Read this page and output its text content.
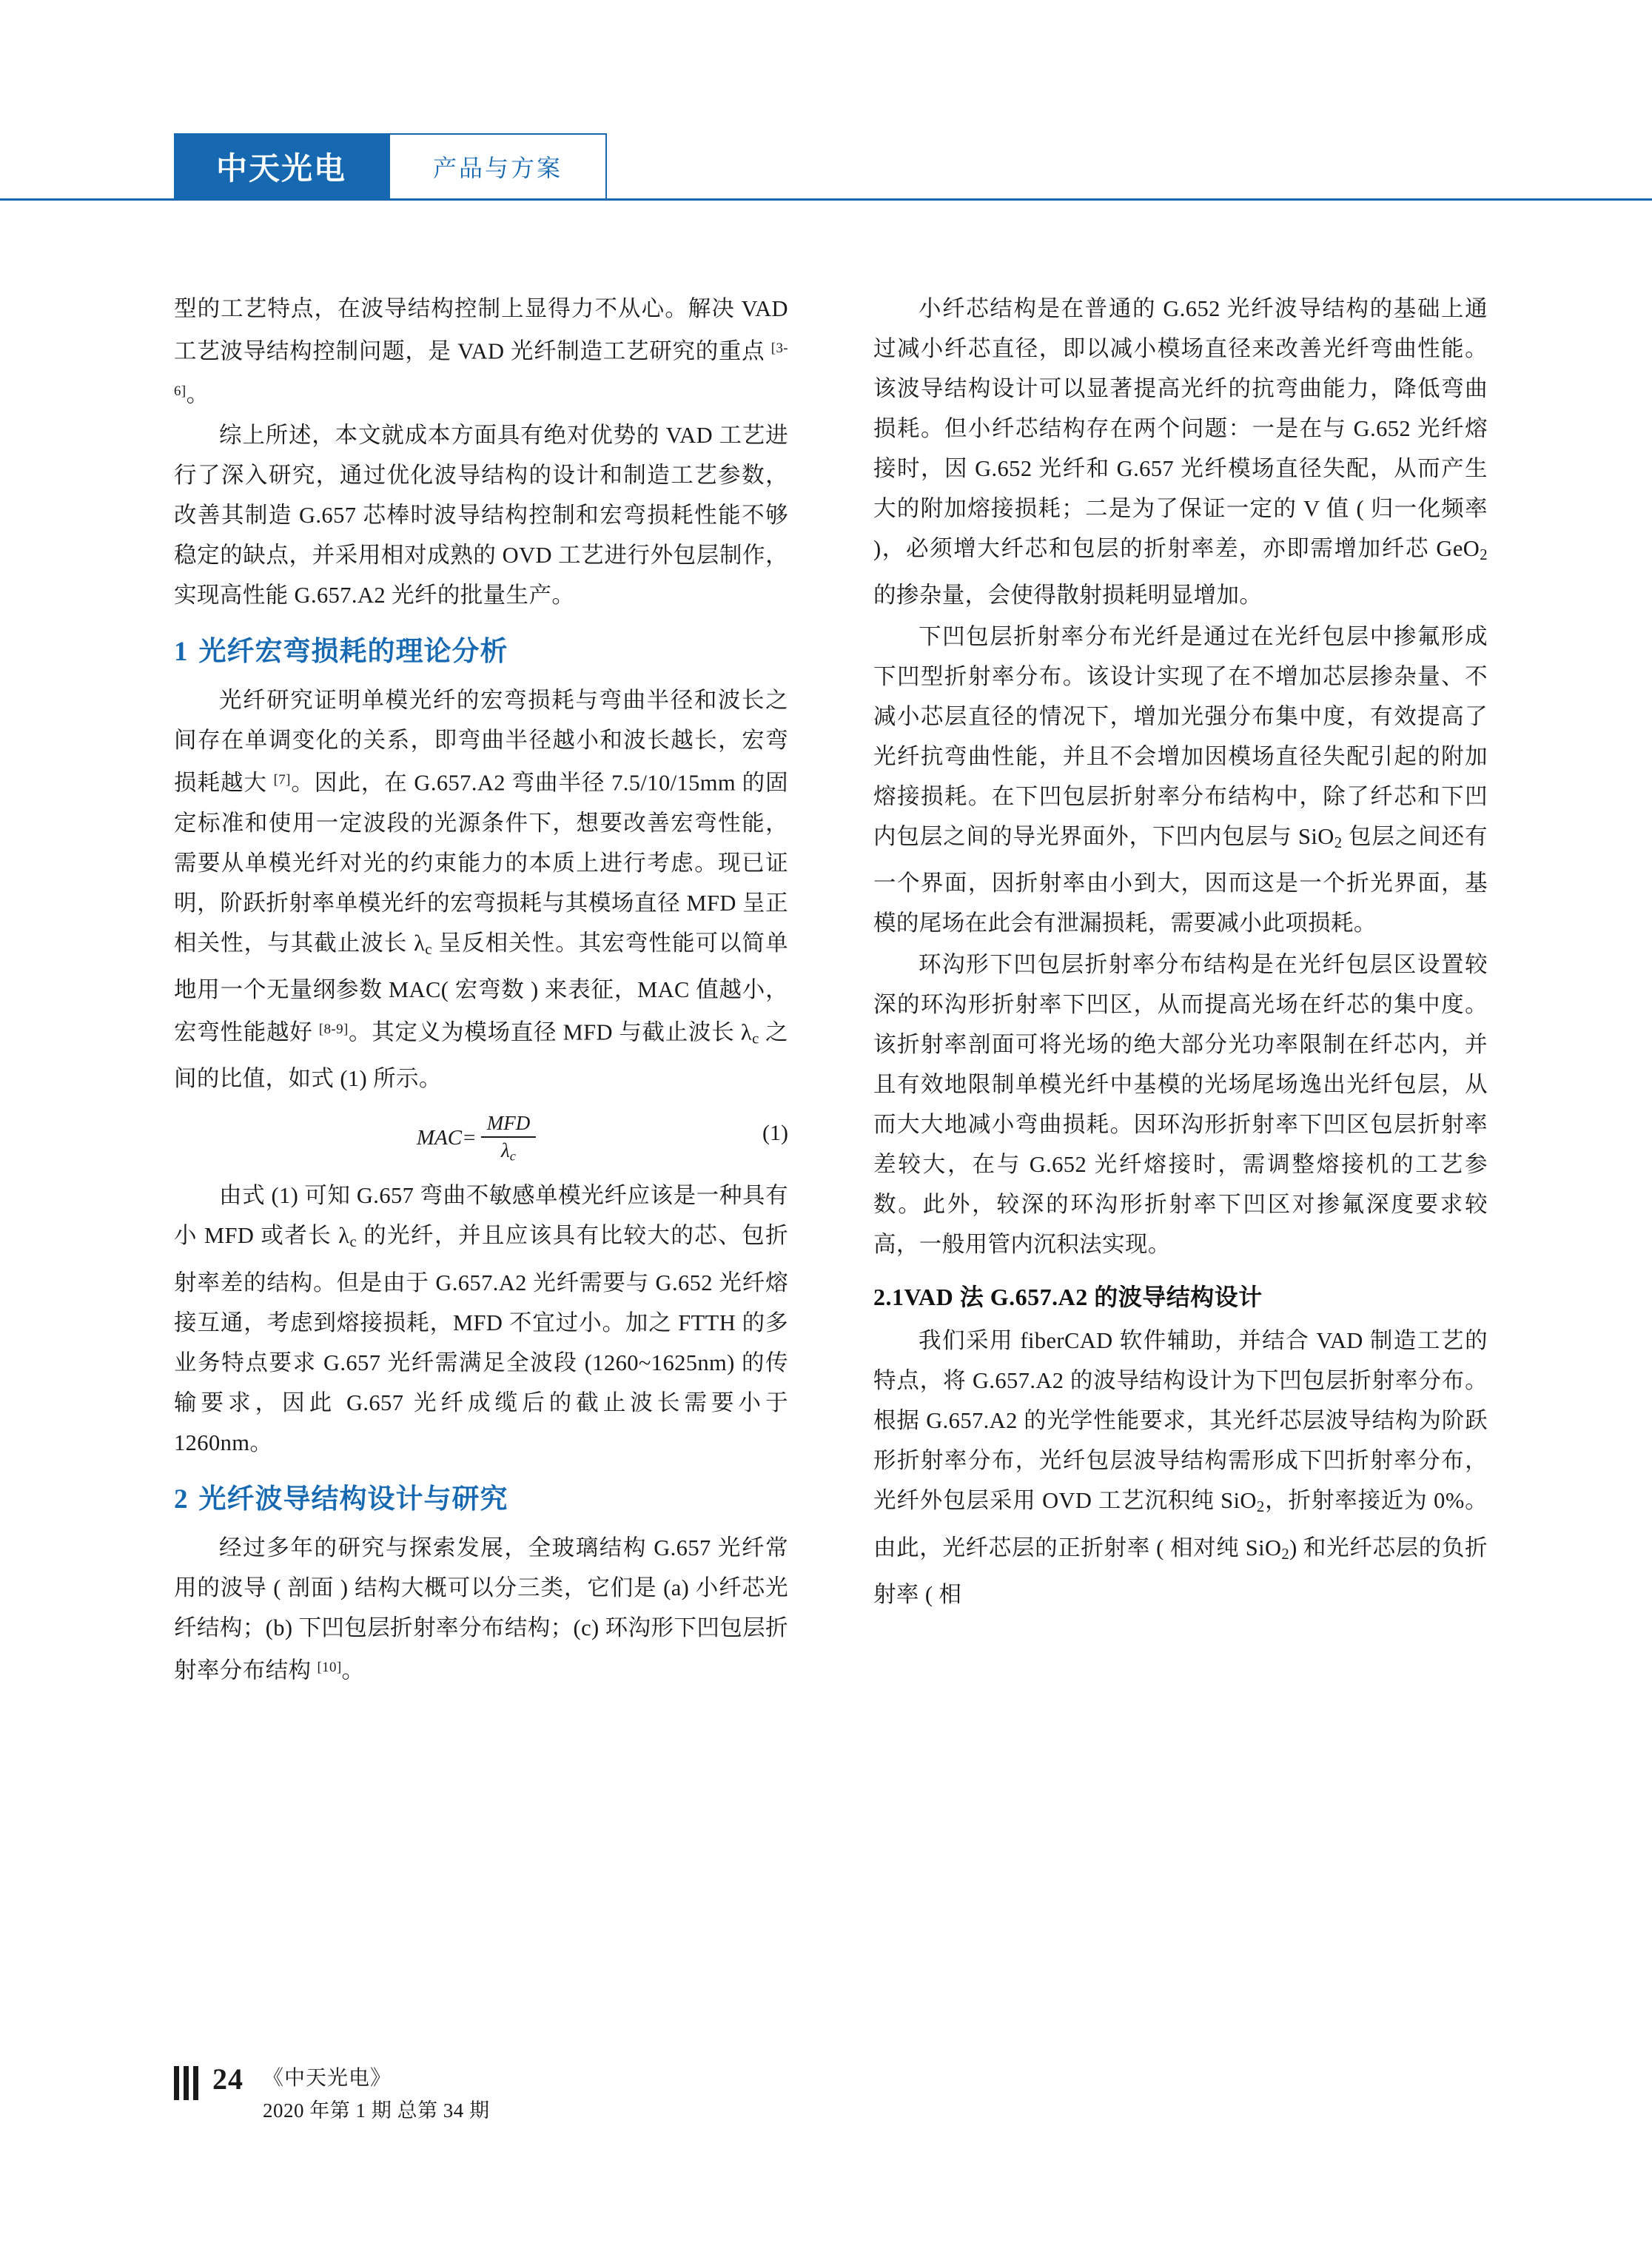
中天光电	产品与方案

型的工艺特点，在波导结构控制上显得力不从心。解决 VAD 工艺波导结构控制问题，是 VAD 光纤制造工艺研究的重点 [3-6]。

综上所述，本文就成本方面具有绝对优势的 VAD 工艺进行了深入研究，通过优化波导结构的设计和制造工艺参数，改善其制造 G.657 芯棒时波导结构控制和宏弯损耗性能不够稳定的缺点，并采用相对成熟的 OVD 工艺进行外包层制作，实现高性能 G.657.A2 光纤的批量生产。

1 光纤宏弯损耗的理论分析

光纤研究证明单模光纤的宏弯损耗与弯曲半径和波长之间存在单调变化的关系，即弯曲半径越小和波长越长，宏弯损耗越大 [7]。因此，在 G.657.A2 弯曲半径 7.5/10/15mm 的固定标准和使用一定波段的光源条件下，想要改善宏弯性能，需要从单模光纤对光的约束能力的本质上进行考虑。现已证明，阶跃折射率单模光纤的宏弯损耗与其模场直径 MFD 呈正相关性，与其截止波长 $\lambda_c$ 呈反相关性。其宏弯性能可以简单地用一个无量纲参数 MAC( 宏弯数 ) 来表征，MAC 值越小，宏弯性能越好 [8-9]。其定义为模场直径 MFD 与截止波长 $\lambda_c$ 之间的比值，如式 (1) 所示。

$MAC= \frac{\text{MFD}}{\lambda_c}$	(1)

由式 (1) 可知 G.657 弯曲不敏感单模光纤应该是一种具有小 MFD 或者长 $\lambda_c$ 的光纤，并且应该具有比较大的芯、包折射率差的结构。但是由于 G.657.A2 光纤需要与 G.652 光纤熔接互通，考虑到熔接损耗，MFD 不宜过小。加之 FTTH 的多业务特点要求 G.657 光纤需满足全波段 (1260~1625nm) 的传输要求，因此 G.657 光纤成缆后的截止波长需要小于 1260nm。

2 光纤波导结构设计与研究

经过多年的研究与探索发展，全玻璃结构 G.657 光纤常用的波导 ( 剖面 ) 结构大概可以分三类，它们是 (a) 小纤芯光纤结构；(b) 下凹包层折射率分布结构；(c) 环沟形下凹包层折射率分布结构 [10]。

小纤芯结构是在普通的 G.652 光纤波导结构的基础上通过减小纤芯直径，即以减小模场直径来改善光纤弯曲性能。该波导结构设计可以显著提高光纤的抗弯曲能力，降低弯曲损耗。但小纤芯结构存在两个问题：一是在与 G.652 光纤熔接时，因 G.652 光纤和 G.657 光纤模场直径失配，从而产生大的附加熔接损耗；二是为了保证一定的 V 值 ( 归一化频率 )，必须增大纤芯和包层的折射率差，亦即需增加纤芯 GeO$_2$ 的掺杂量，会使得散射损耗明显增加。

下凹包层折射率分布光纤是通过在光纤包层中掺氟形成下凹型折射率分布。该设计实现了在不增加芯层掺杂量、不减小芯层直径的情况下，增加光强分布集中度，有效提高了光纤抗弯曲性能，并且不会增加因模场直径失配引起的附加熔接损耗。在下凹包层折射率分布结构中，除了纤芯和下凹内包层之间的导光界面外，下凹内包层与 SiO$_2$ 包层之间还有一个界面，因折射率由小到大，因而这是一个折光界面，基模的尾场在此会有泄漏损耗，需要减小此项损耗。

环沟形下凹包层折射率分布结构是在光纤包层区设置较深的环沟形折射率下凹区，从而提高光场在纤芯的集中度。该折射率剖面可将光场的绝大部分光功率限制在纤芯内，并且有效地限制单模光纤中基模的光场尾场逸出光纤包层，从而大大地减小弯曲损耗。因环沟形折射率下凹区包层折射率差较大，在与 G.652 光纤熔接时，需调整熔接机的工艺参数。此外，较深的环沟形折射率下凹区对掺氟深度要求较高，一般用管内沉积法实现。

2.1VAD 法 G.657.A2 的波导结构设计

我们采用 fiberCAD 软件辅助，并结合 VAD 制造工艺的特点，将 G.657.A2 的波导结构设计为下凹包层折射率分布。根据 G.657.A2 的光学性能要求，其光纤芯层波导结构为阶跃形折射率分布，光纤包层波导结构需形成下凹折射率分布，光纤外包层采用 OVD 工艺沉积纯 SiO$_2$，折射率接近为 0%。由此，光纤芯层的正折射率 ( 相对纯 SiO$_2$) 和光纤芯层的负折射率 ( 相

24 《中天光电》
2020 年第 1 期 总第 34 期
